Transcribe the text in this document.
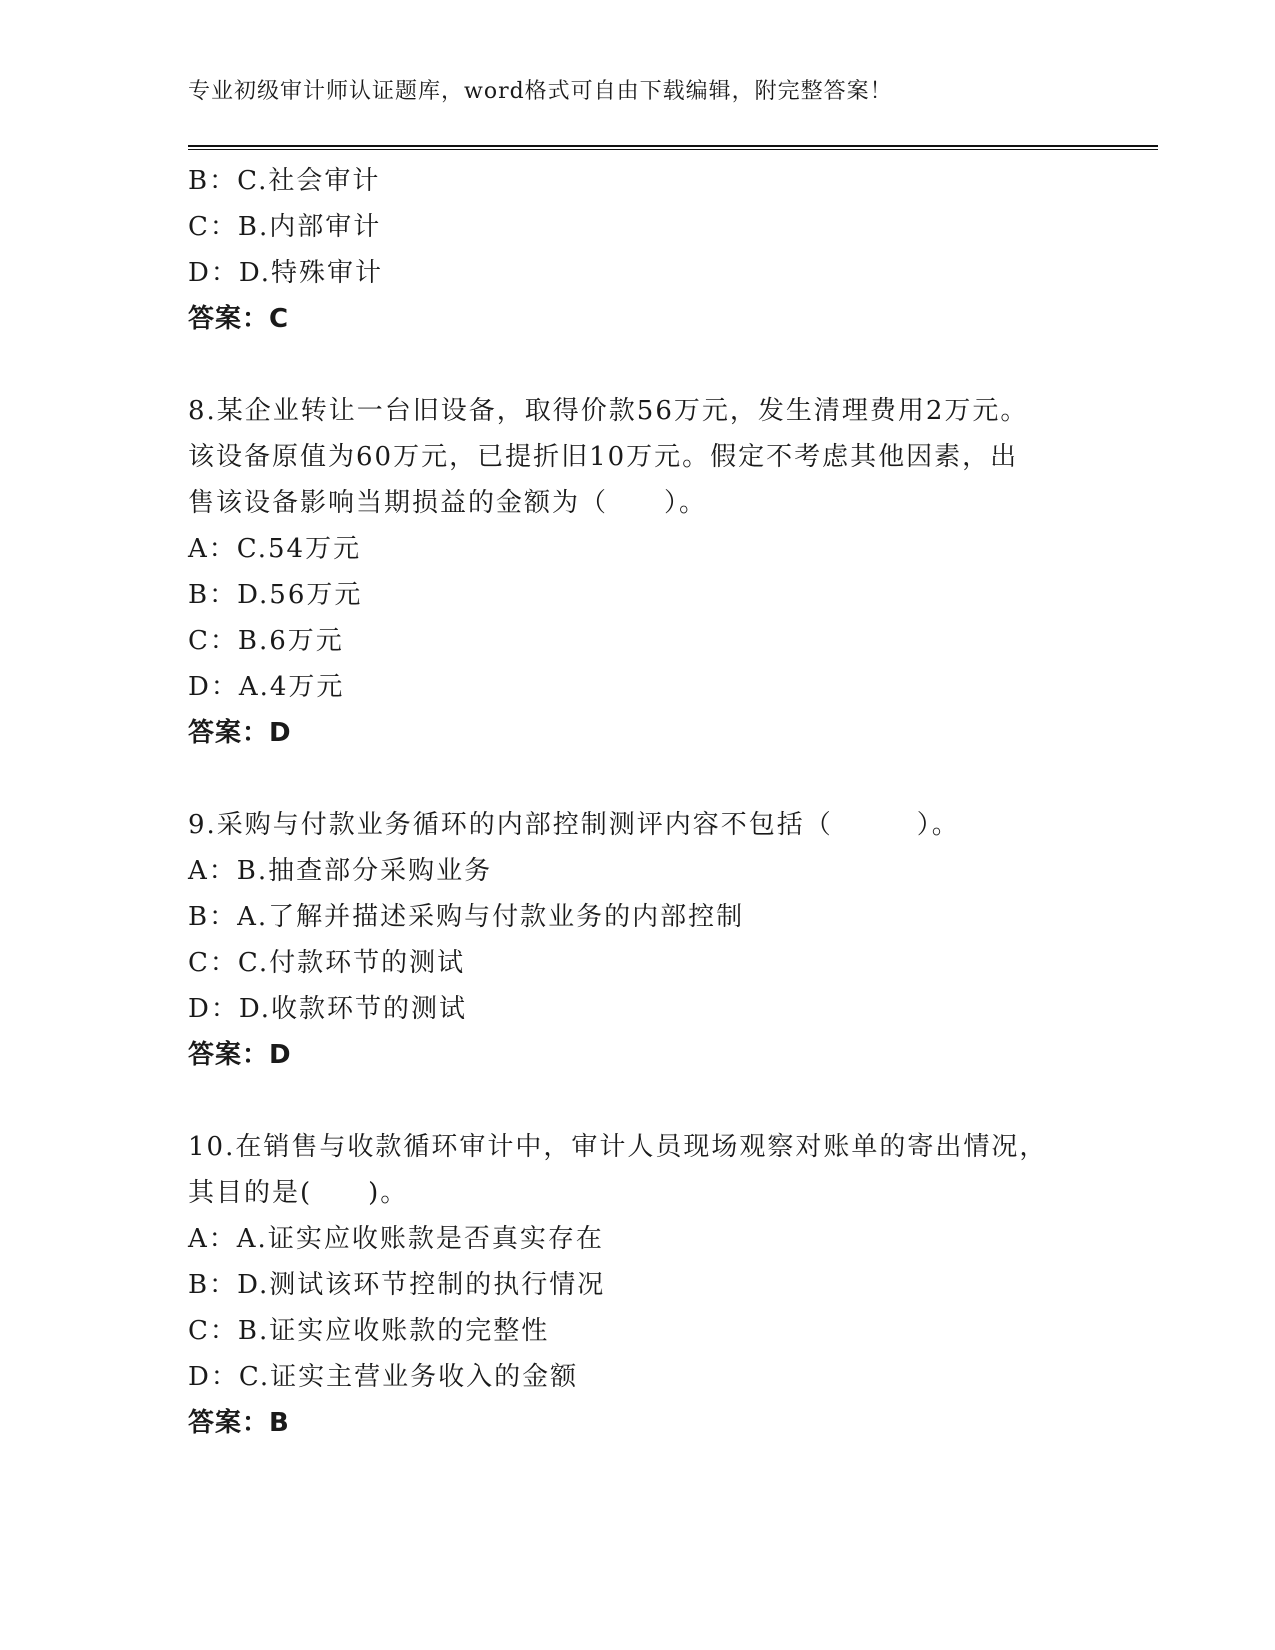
专业初级审计师认证题库，word格式可自由下载编辑，附完整答案！
B：C.社会审计
C：B.内部审计
D：D.特殊审计
答案：C
8.某企业转让一台旧设备，取得价款56万元，发生清理费用2万元。
该设备原值为60万元，已提折旧10万元。假定不考虑其他因素，出
售该设备影响当期损益的金额为（　　）。
A：C.54万元
B：D.56万元
C：B.6万元
D：A.4万元
答案：D
9.采购与付款业务循环的内部控制测评内容不包括（　　　）。
A：B.抽查部分采购业务
B：A.了解并描述采购与付款业务的内部控制
C：C.付款环节的测试
D：D.收款环节的测试
答案：D
10.在销售与收款循环审计中，审计人员现场观察对账单的寄出情况，
其目的是(　　)。
A：A.证实应收账款是否真实存在
B：D.测试该环节控制的执行情况
C：B.证实应收账款的完整性
D：C.证实主营业务收入的金额
答案：B
